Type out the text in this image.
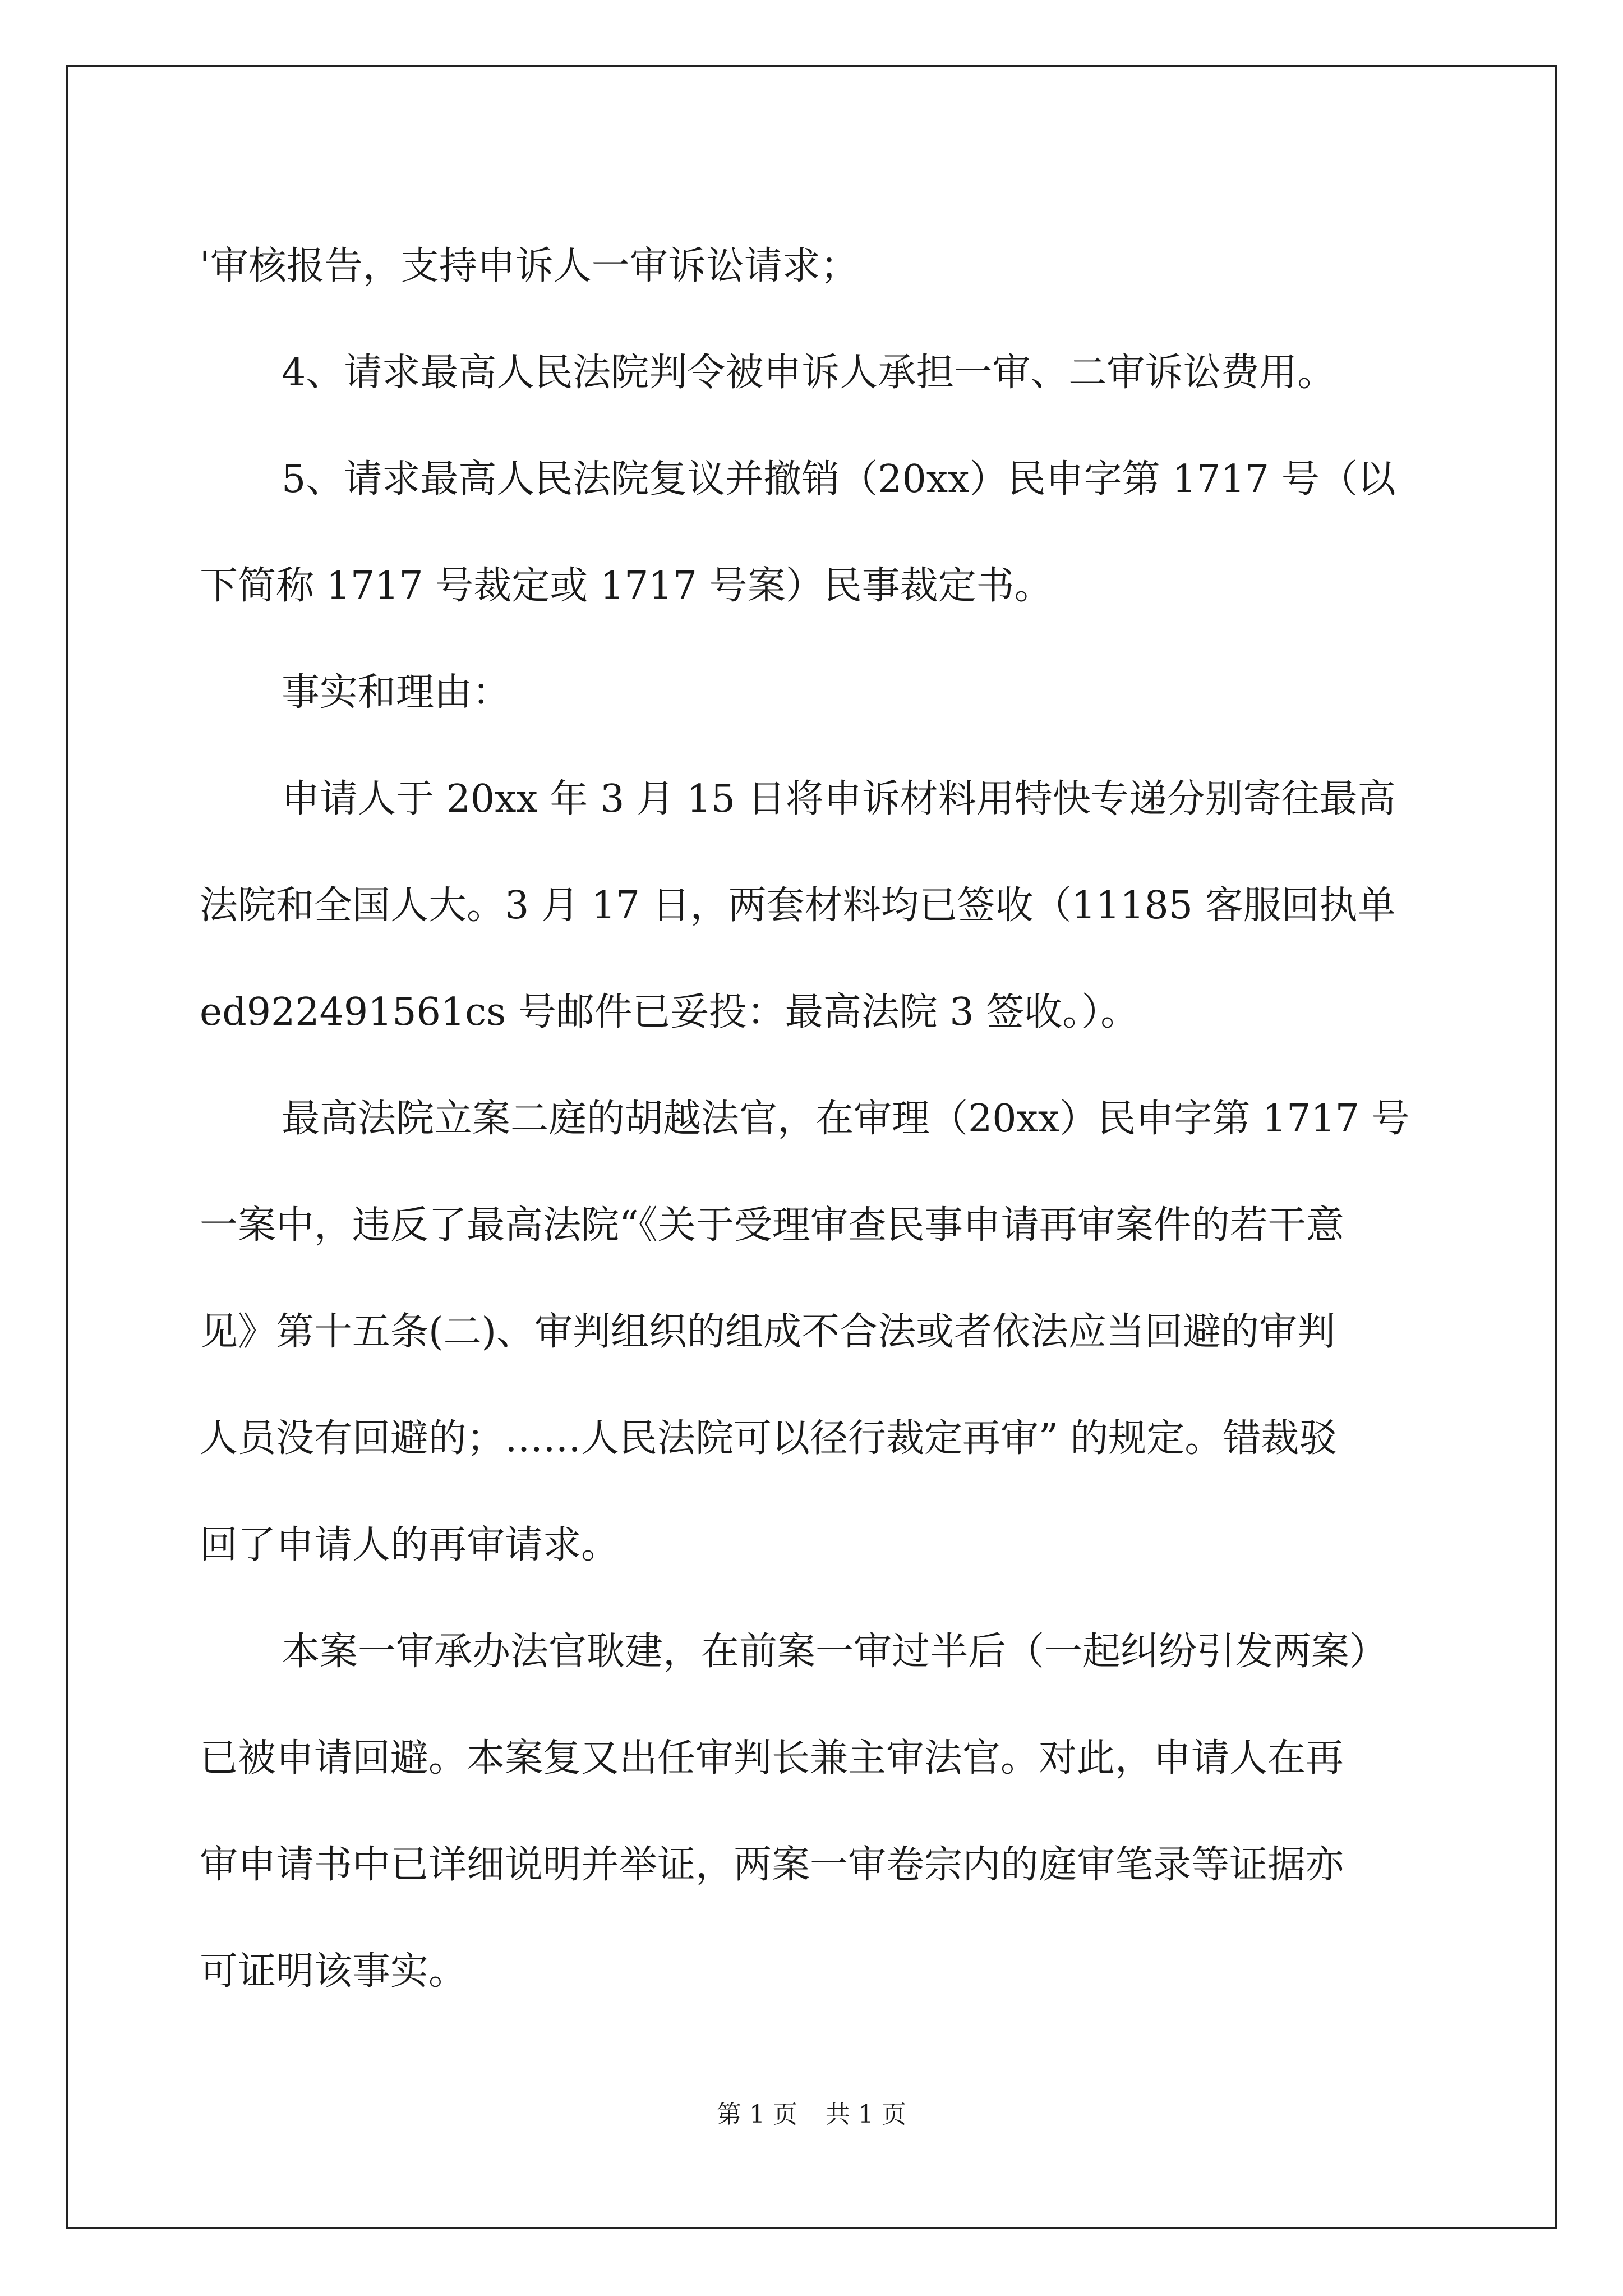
'审核报告，支持申诉人一审诉讼请求；

4、请求最高人民法院判令被申诉人承担一审、二审诉讼费用。

5、请求最高人民法院复议并撤销（20xx）民申字第 1717 号（以

下简称 1717 号裁定或 1717 号案）民事裁定书。

事实和理由：

申请人于 20xx 年 3 月 15 日将申诉材料用特快专递分别寄往最高

法院和全国人大。3 月 17 日，两套材料均已签收（11185 客服回执单

ed922491561cs 号邮件已妥投：最高法院 3 签收。）。

最高法院立案二庭的胡越法官，在审理（20xx）民申字第 1717 号

一案中，违反了最高法院“《关于受理审查民事申请再审案件的若干意

见》第十五条(二)、审判组织的组成不合法或者依法应当回避的审判

人员没有回避的；……人民法院可以径行裁定再审” 的规定。错裁驳

回了申请人的再审请求。

本案一审承办法官耿建，在前案一审过半后（一起纠纷引发两案）

已被申请回避。本案复又出任审判长兼主审法官。对此，申请人在再

审申请书中已详细说明并举证，两案一审卷宗内的庭审笔录等证据亦

可证明该事实。

第 1 页 共 1 页
